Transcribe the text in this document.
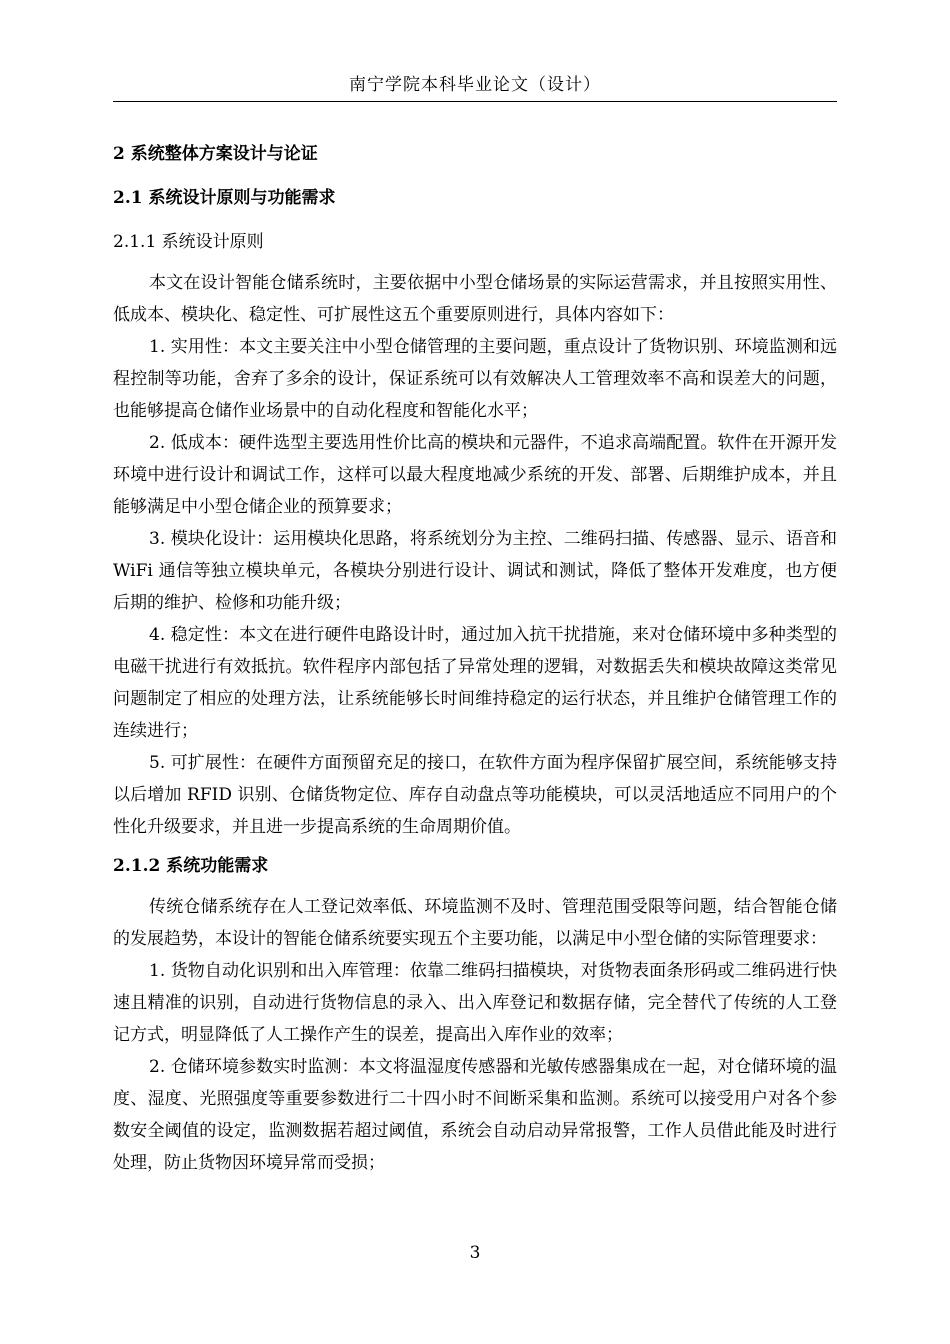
南宁学院本科毕业论文（设计）
2 系统整体方案设计与论证
2.1 系统设计原则与功能需求
2.1.1 系统设计原则

本文在设计智能仓储系统时，主要依据中小型仓储场景的实际运营需求，并且按照实用性、低成本、模块化、稳定性、可扩展性这五个重要原则进行，具体内容如下：

1. 实用性：本文主要关注中小型仓储管理的主要问题，重点设计了货物识别、环境监测和远程控制等功能，舍弃了多余的设计，保证系统可以有效解决人工管理效率不高和误差大的问题，也能够提高仓储作业场景中的自动化程度和智能化水平；

2. 低成本：硬件选型主要选用性价比高的模块和元器件，不追求高端配置。软件在开源开发环境中进行设计和调试工作，这样可以最大程度地减少系统的开发、部署、后期维护成本，并且能够满足中小型仓储企业的预算要求；

3. 模块化设计：运用模块化思路，将系统划分为主控、二维码扫描、传感器、显示、语音和 WiFi 通信等独立模块单元，各模块分别进行设计、调试和测试，降低了整体开发难度，也方便后期的维护、检修和功能升级；

4. 稳定性：本文在进行硬件电路设计时，通过加入抗干扰措施，来对仓储环境中多种类型的电磁干扰进行有效抵抗。软件程序内部包括了异常处理的逻辑，对数据丢失和模块故障这类常见问题制定了相应的处理方法，让系统能够长时间维持稳定的运行状态，并且维护仓储管理工作的连续进行；

5. 可扩展性：在硬件方面预留充足的接口，在软件方面为程序保留扩展空间，系统能够支持以后增加 RFID 识别、仓储货物定位、库存自动盘点等功能模块，可以灵活地适应不同用户的个性化升级要求，并且进一步提高系统的生命周期价值。

2.1.2 系统功能需求

传统仓储系统存在人工登记效率低、环境监测不及时、管理范围受限等问题，结合智能仓储的发展趋势，本设计的智能仓储系统要实现五个主要功能，以满足中小型仓储的实际管理要求：

1. 货物自动化识别和出入库管理：依靠二维码扫描模块，对货物表面条形码或二维码进行快速且精准的识别，自动进行货物信息的录入、出入库登记和数据存储，完全替代了传统的人工登记方式，明显降低了人工操作产生的误差，提高出入库作业的效率；

2. 仓储环境参数实时监测：本文将温湿度传感器和光敏传感器集成在一起，对仓储环境的温度、湿度、光照强度等重要参数进行二十四小时不间断采集和监测。系统可以接受用户对各个参数安全阈值的设定，监测数据若超过阈值，系统会自动启动异常报警，工作人员借此能及时进行处理，防止货物因环境异常而受损；

3
